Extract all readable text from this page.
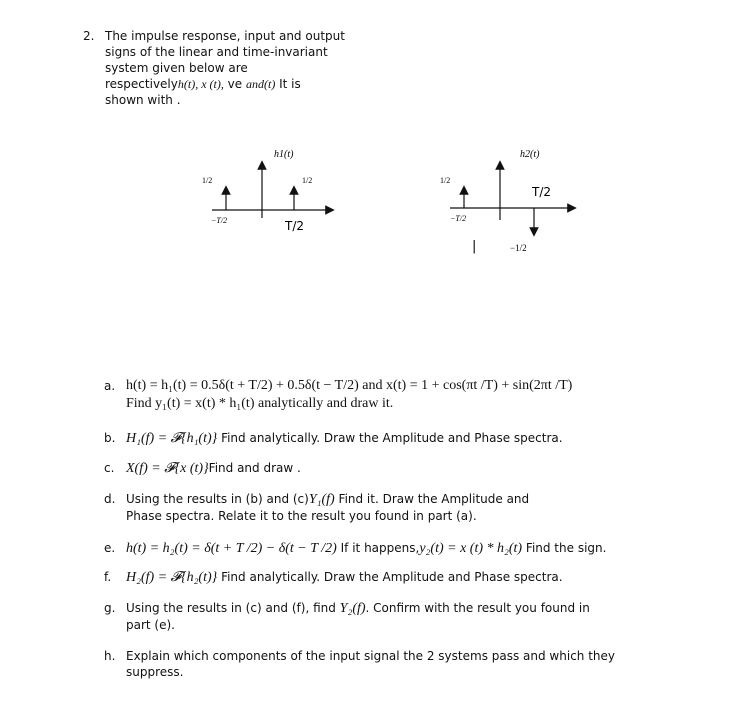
2. The impulse response, input and output
signs of the linear and time-invariant
system given below are
respectivelyh(t), x (t), ve and(t) It is
shown with .
h1(t)
1/2	1/2
−T/2	T/2
h2(t)
1/2
T/2
−T/2
|	−1/2
a. h(t) = h₁(t) = 0.5δ(t + T/2) + 0.5δ(t − T/2) and x(t) = 1 + cos(πt /T) + sin(2πt /T)
Find y₁(t) = x(t) * h₁(t) analytically and draw it.
b. H₁(f) = 𝓕{h₁(t)} Find analytically. Draw the Amplitude and Phase spectra.
c. X(f) = 𝓕{x (t)}Find and draw .
d. Using the results in (b) and (c)Y₁(f) Find it. Draw the Amplitude and
Phase spectra. Relate it to the result you found in part (a).
e. h(t) = h₂(t) = δ(t + T /2) − δ(t − T /2) If it happens,y₂(t) = x (t) * h₂(t) Find the sign.
f. H₂(f) = 𝓕{h₂(t)} Find analytically. Draw the Amplitude and Phase spectra.
g. Using the results in (c) and (f), find Y₂(f). Confirm with the result you found in
part (e).
h. Explain which components of the input signal the 2 systems pass and which they
suppress.
